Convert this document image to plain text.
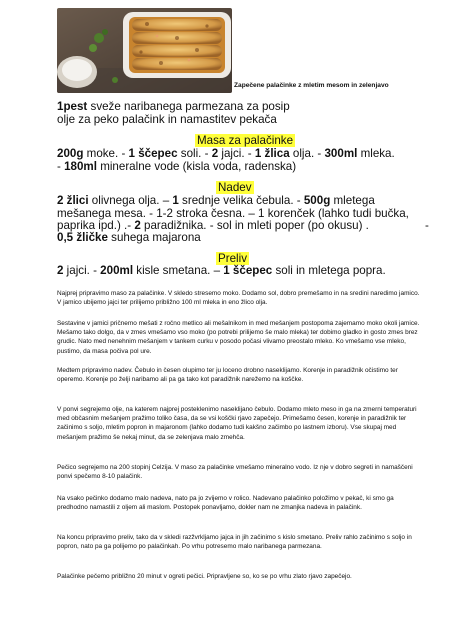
Zapečene palačinke z mletim mesom in zelenjavo
1pest sveže naribanega parmezana za posip
olje za peko palačink in namastitev pekača
Masa za palačinke
200g moke. - 1 ščepec soli. - 2 jajci. - 1 žlica olja. - 300ml mleka.
- 180ml mineralne vode (kisla voda, radenska)
Nadev
2 žlici olivnega olja. – 1 srednje velika čebula. - 500g mletega
mešanega mesa. - 1-2 stroka česna. – 1 korenček (lahko tudi bučka,
paprika ipd.) .- 2 paradižnika. - sol in mleti poper (po okusu) .	-
0,5 žličke suhega majarona
Preliv
2 jajci. - 200ml kisle smetana. – 1 ščepec soli in mletega popra.

Najprej pripravimo maso za palačinke. V skledo stresemo moko. Dodamo sol, dobro premešamo in na sredini naredimo jamico. V jamico ubijemo jajci ter prilijemo približno 100 ml mleka in eno žlico olja.

Sestavine v jamici pričnemo mešati z ročno metlico ali mešalnikom in med mešanjem postopoma zajemamo moko okoli jamice. Mešamo tako dolgo, da v zmes vmešamo vso moko (po potrebi prilijemo še malo mleka) ter dobimo gladko in gosto zmes brez grudic. Nato med nenehnim mešanjem v tankem curku v posodo počasi vlivamo preostalo mleko. Ko vmešamo vse mleko, pustimo, da masa počiva pol ure.

Medtem pripravimo nadev. Čebulo in česen olupimo ter ju loceno drobno naseklijamo. Korenje in paradižnik očistimo ter operemo. Korenje po želji naribamo ali pa ga tako kot paradižnik narežemo na koščke.

V ponvi segrejemo olje, na katerem najprej posteklenimo naseklijano čebulo. Dodamo mleto meso in ga na zmerni temperaturi med občasnim mešanjem pražimo toliko časa, da se vsi koščki rjavo zapečejo. Primešamo česen, korenje in paradižnik ter začinimo s soljo, mletim popron in majaronom (lahko dodamo tudi kakšno začimbo po lastnem izboru). Vse skupaj med mešanjem pražimo še nekaj minut, da se zelenjava malo zmehča.

Pečico segrejemo na 200 stopinj Celzija. V maso za palačinke vmešamo mineralno vodo. Iz nje v dobro segreti in namaščeni ponvi spečemo 8-10 palačink.

Na vsako pečinko dodamo malo nadeva, nato pa jo zvijemo v rolico. Nadevano palačinko položimo v pekač, ki smo ga predhodno namastili z oljem ali maslom. Postopek ponavljamo, dokler nam ne zmanjka nadeva in palačink.

Na koncu pripravimo preliv, tako da v skledi razžvrkljamo jajca in jih začinimo s kislo smetano. Preliv rahlo začinimo s soljo in popron, nato pa ga polijemo po palačinkah. Po vrhu potresemo malo naribanega parmezana.

Palačinke pečemo približno 20 minut v ogreti pečici. Pripravljene so, ko se po vrhu zlato rjavo zapečejo.
